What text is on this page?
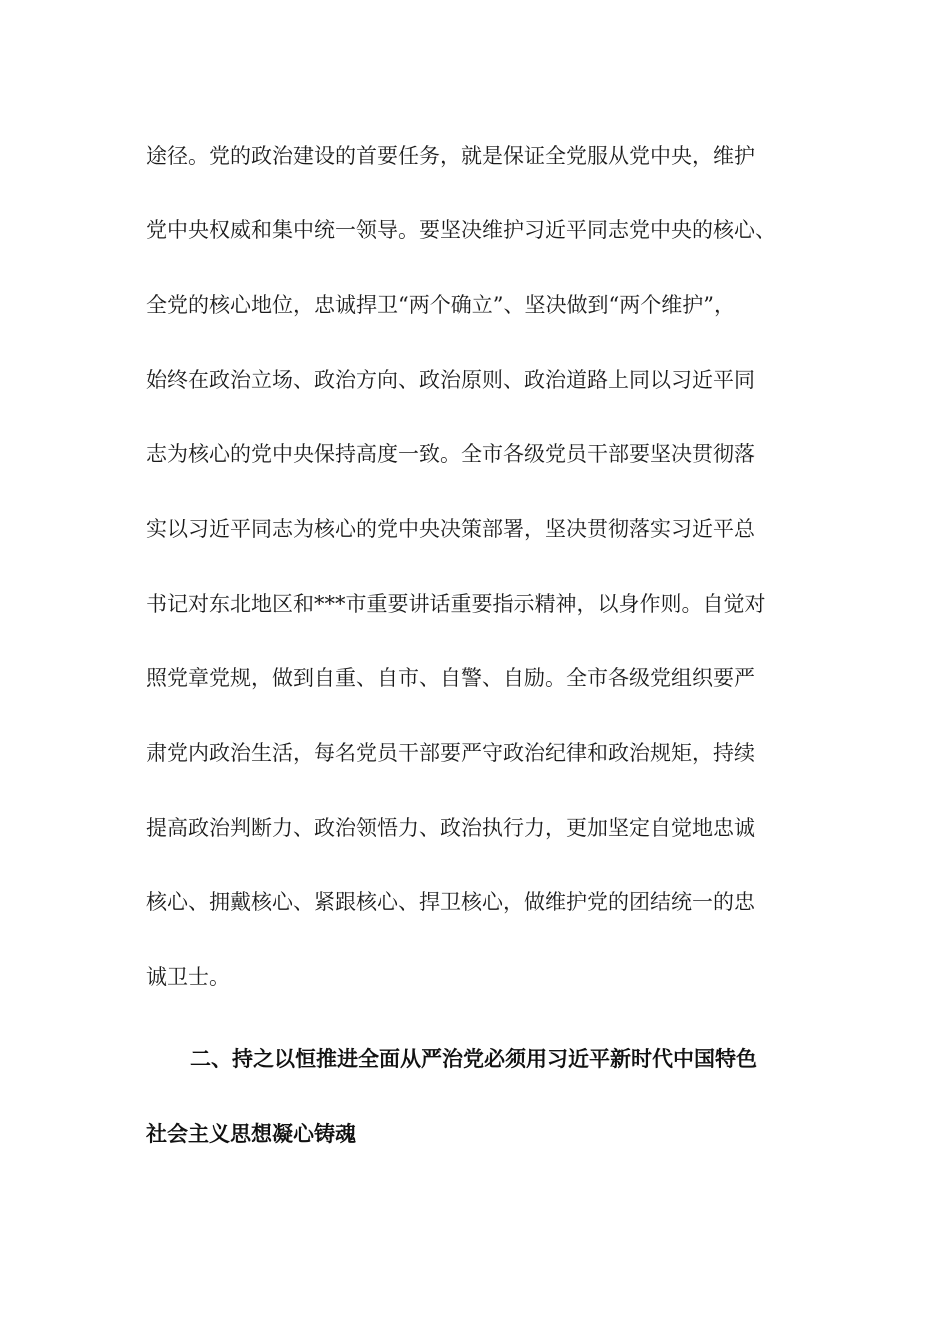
途径。党的政治建设的首要任务，就是保证全党服从党中央，维护
党中央权威和集中统一领导。要坚决维护习近平同志党中央的核心、
全党的核心地位，忠诚捍卫“两个确立”、坚决做到“两个维护”，
始终在政治立场、政治方向、政治原则、政治道路上同以习近平同
志为核心的党中央保持高度一致。全市各级党员干部要坚决贯彻落
实以习近平同志为核心的党中央决策部署，坚决贯彻落实习近平总
书记对东北地区和***市重要讲话重要指示精神，以身作则。自觉对
照党章党规，做到自重、自市、自警、自励。全市各级党组织要严
肃党内政治生活，每名党员干部要严守政治纪律和政治规矩，持续
提高政治判断力、政治领悟力、政治执行力，更加坚定自觉地忠诚
核心、拥戴核心、紧跟核心、捍卫核心，做维护党的团结统一的忠
诚卫士。
二、持之以恒推进全面从严治党必须用习近平新时代中国特色
社会主义思想凝心铸魂
